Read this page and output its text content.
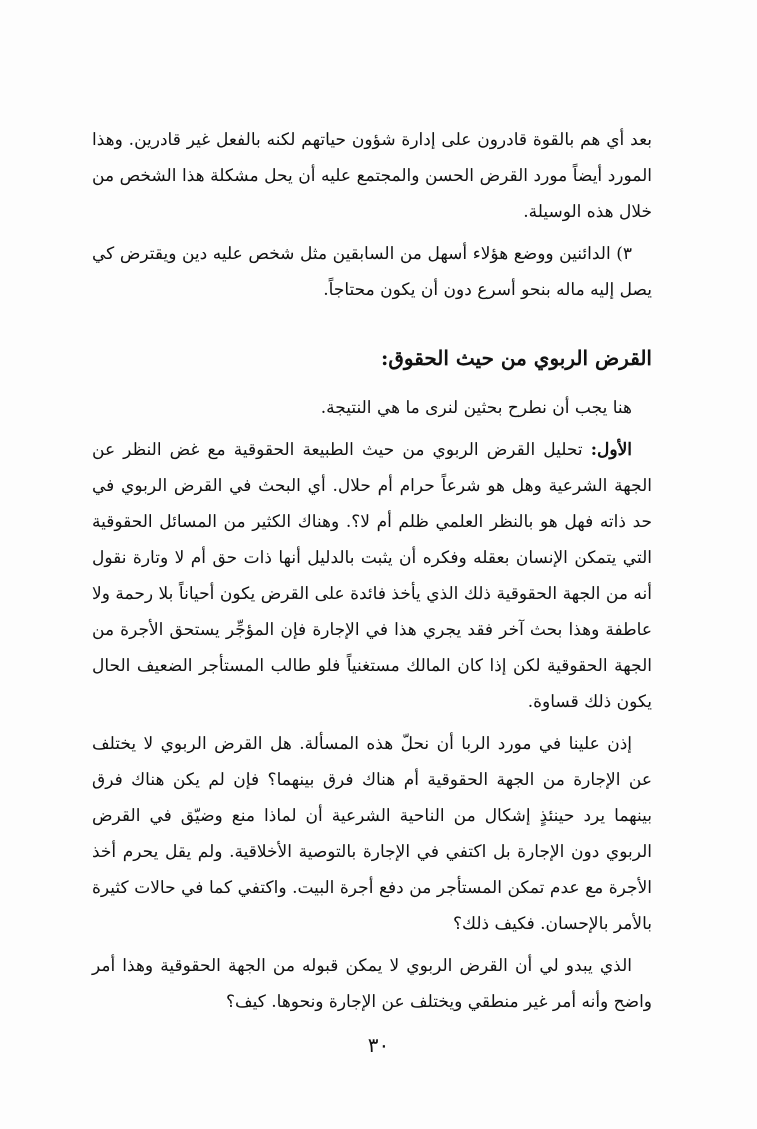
بعد أي هم بالقوة قادرون على إدارة شؤون حياتهم لكنه بالفعل غير قادرين. وهذا المورد أيضاً مورد القرض الحسن والمجتمع عليه أن يحل مشكلة هذا الشخص من خلال هذه الوسيلة.

٣) الدائنين ووضع هؤلاء أسهل من السابقين مثل شخص عليه دين ويقترض كي يصل إليه ماله بنحو أسرع دون أن يكون محتاجاً.

القرض الربوي من حيث الحقوق:

هنا يجب أن نطرح بحثين لنرى ما هي النتيجة.

الأول: تحليل القرض الربوي من حيث الطبيعة الحقوقية مع غض النظر عن الجهة الشرعية وهل هو شرعاً حرام أم حلال. أي البحث في القرض الربوي في حد ذاته فهل هو بالنظر العلمي ظلم أم لا؟. وهناك الكثير من المسائل الحقوقية التي يتمكن الإنسان بعقله وفكره أن يثبت بالدليل أنها ذات حق أم لا وتارة نقول أنه من الجهة الحقوقية ذلك الذي يأخذ فائدة على القرض يكون أحياناً بلا رحمة ولا عاطفة وهذا بحث آخر فقد يجري هذا في الإجارة فإن المؤجِّر يستحق الأجرة من الجهة الحقوقية لكن إذا كان المالك مستغنياً فلو طالب المستأجر الضعيف الحال يكون ذلك قساوة.

إذن علينا في مورد الربا أن نحلّ هذه المسألة. هل القرض الربوي لا يختلف عن الإجارة من الجهة الحقوقية أم هناك فرق بينهما؟ فإن لم يكن هناك فرق بينهما يرد حينئذٍ إشكال من الناحية الشرعية أن لماذا منع وضيّق في القرض الربوي دون الإجارة بل اكتفي في الإجارة بالتوصية الأخلاقية. ولم يقل يحرم أخذ الأجرة مع عدم تمكن المستأجر من دفع أجرة البيت. واكتفي كما في حالات كثيرة بالأمر بالإحسان. فكيف ذلك؟

الذي يبدو لي أن القرض الربوي لا يمكن قبوله من الجهة الحقوقية وهذا أمر واضح وأنه أمر غير منطقي ويختلف عن الإجارة ونحوها. كيف؟

٣٠
